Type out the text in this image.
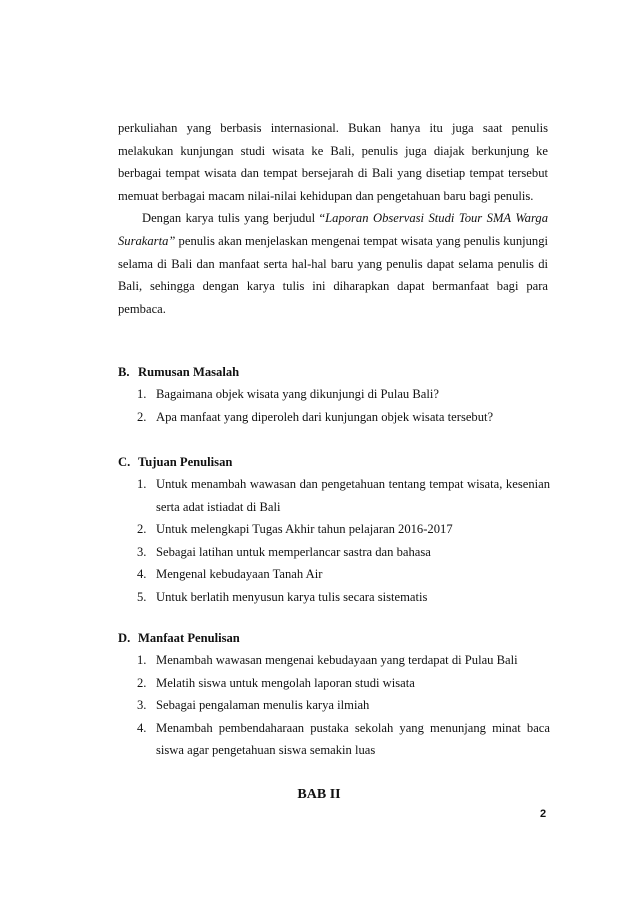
perkuliahan yang berbasis internasional. Bukan hanya itu juga saat penulis melakukan kunjungan studi wisata ke Bali, penulis juga diajak berkunjung ke berbagai tempat wisata dan tempat bersejarah di Bali yang disetiap tempat tersebut memuat berbagai macam nilai-nilai kehidupan dan pengetahuan baru bagi penulis.

Dengan karya tulis yang berjudul “Laporan Observasi Studi Tour SMA Warga Surakarta” penulis akan menjelaskan mengenai tempat wisata yang penulis kunjungi selama di Bali dan manfaat serta hal-hal baru yang penulis dapat selama penulis di Bali, sehingga dengan karya tulis ini diharapkan dapat bermanfaat bagi para pembaca.

B. Rumusan Masalah
1. Bagaimana objek wisata yang dikunjungi di Pulau Bali?
2. Apa manfaat yang diperoleh dari kunjungan objek wisata tersebut?
C. Tujuan Penulisan
1. Untuk menambah wawasan dan pengetahuan tentang tempat wisata, kesenian serta adat istiadat di Bali
2. Untuk melengkapi Tugas Akhir tahun pelajaran 2016-2017
3. Sebagai latihan untuk memperlancar sastra dan bahasa
4. Mengenal kebudayaan Tanah Air
5. Untuk berlatih menyusun karya tulis secara sistematis
D. Manfaat Penulisan
1. Menambah wawasan mengenai kebudayaan yang terdapat di Pulau Bali
2. Melatih siswa untuk mengolah laporan studi wisata
3. Sebagai pengalaman menulis karya ilmiah
4. Menambah pembendaharaan pustaka sekolah yang menunjang minat baca siswa agar pengetahuan siswa semakin luas
BAB II
2
